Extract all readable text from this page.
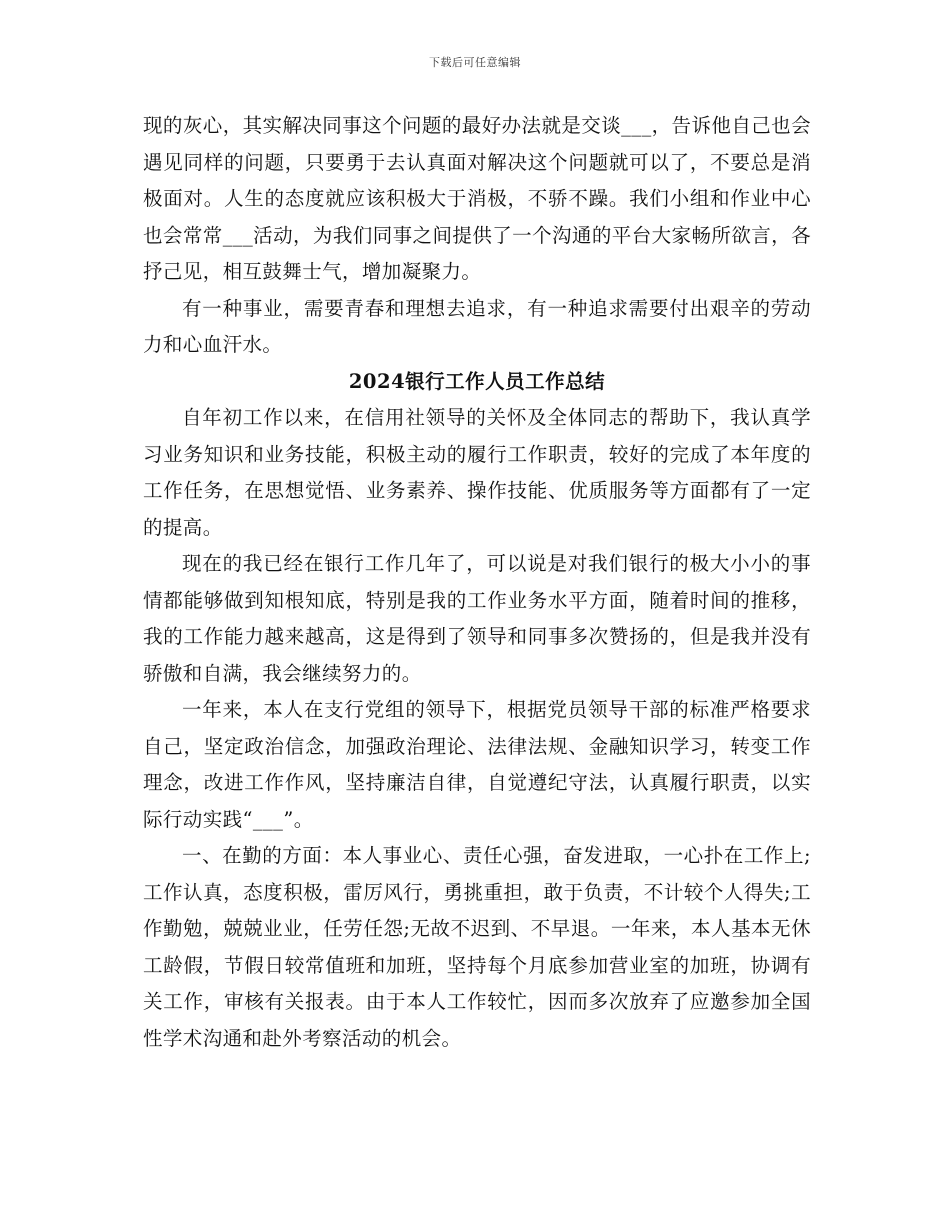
下载后可任意编辑

现的灰心，其实解决同事这个问题的最好办法就是交谈___，告诉他自己也会遇见同样的问题，只要勇于去认真面对解决这个问题就可以了，不要总是消极面对。人生的态度就应该积极大于消极，不骄不躁。我们小组和作业中心也会常常___活动，为我们同事之间提供了一个沟通的平台大家畅所欲言，各抒己见，相互鼓舞士气，增加凝聚力。

有一种事业，需要青春和理想去追求，有一种追求需要付出艰辛的劳动力和心血汗水。

2024银行工作人员工作总结

自年初工作以来，在信用社领导的关怀及全体同志的帮助下，我认真学习业务知识和业务技能，积极主动的履行工作职责，较好的完成了本年度的工作任务，在思想觉悟、业务素养、操作技能、优质服务等方面都有了一定的提高。

现在的我已经在银行工作几年了，可以说是对我们银行的极大小小的事情都能够做到知根知底，特别是我的工作业务水平方面，随着时间的推移，我的工作能力越来越高，这是得到了领导和同事多次赞扬的，但是我并没有骄傲和自满，我会继续努力的。

一年来，本人在支行党组的领导下，根据党员领导干部的标准严格要求自己，坚定政治信念，加强政治理论、法律法规、金融知识学习，转变工作理念，改进工作作风，坚持廉洁自律，自觉遵纪守法，认真履行职责，以实际行动实践“___”。

一、在勤的方面：本人事业心、责任心强，奋发进取，一心扑在工作上;工作认真，态度积极，雷厉风行，勇挑重担，敢于负责，不计较个人得失;工作勤勉，兢兢业业，任劳任怨;无故不迟到、不早退。一年来，本人基本无休工龄假，节假日较常值班和加班，坚持每个月底参加营业室的加班，协调有关工作，审核有关报表。由于本人工作较忙，因而多次放弃了应邀参加全国性学术沟通和赴外考察活动的机会。
